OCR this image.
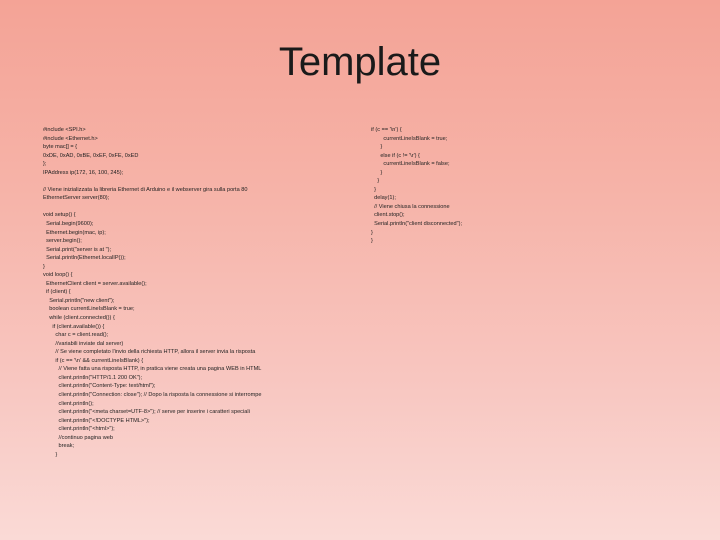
Template
#include <SPI.h>
#include <Ethernet.h>
byte mac[] = {
0xDE, 0xAD, 0xBE, 0xEF, 0xFE, 0xED
};
IPAddress ip(172, 16, 100, 245);
// Viene inizializzata la libreria Ethernet di Arduino e il webserver gira sulla porta 80
EthernetServer server(80);
void setup() {
Serial.begin(9600);
Ethernet.begin(mac, ip);
server.begin();
Serial.print("server is at ");
Serial.println(Ethernet.localIP());
}
void loop() {
EthernetClient client = server.available();
if (client) {
Serial.println("new client");
boolean currentLineIsBlank = true;
while (client.connected()) {
if (client.available()) {
char c = client.read();
//variabili inviate dal server)
// Se viene completato l'invio della richiesta HTTP, allora il server invia la risposta
if (c == '\n' && currentLineIsBlank) {
// Viene fatta una risposta HTTP, in pratica viene creata una pagina WEB in HTML
client.println("HTTP/1.1 200 OK");
client.println("Content-Type: text/html");
client.println("Connection: close"); // Dopo la risposta la connessione si interrompe
client.println();
client.println("<meta charset=UTF-8>"); // serve per inserire i caratteri speciali
client.println("<!DOCTYPE HTML>");
client.println("<html>");
//continuo pagina web
break;
}
if (c == '\n') {
currentLineIsBlank = true;
}
else if (c != '\r') {
currentLineIsBlank = false;
}
}
}
delay(1);
// Viene chiusa la connessione
client.stop();
Serial.println("client disconnected");
}
}
